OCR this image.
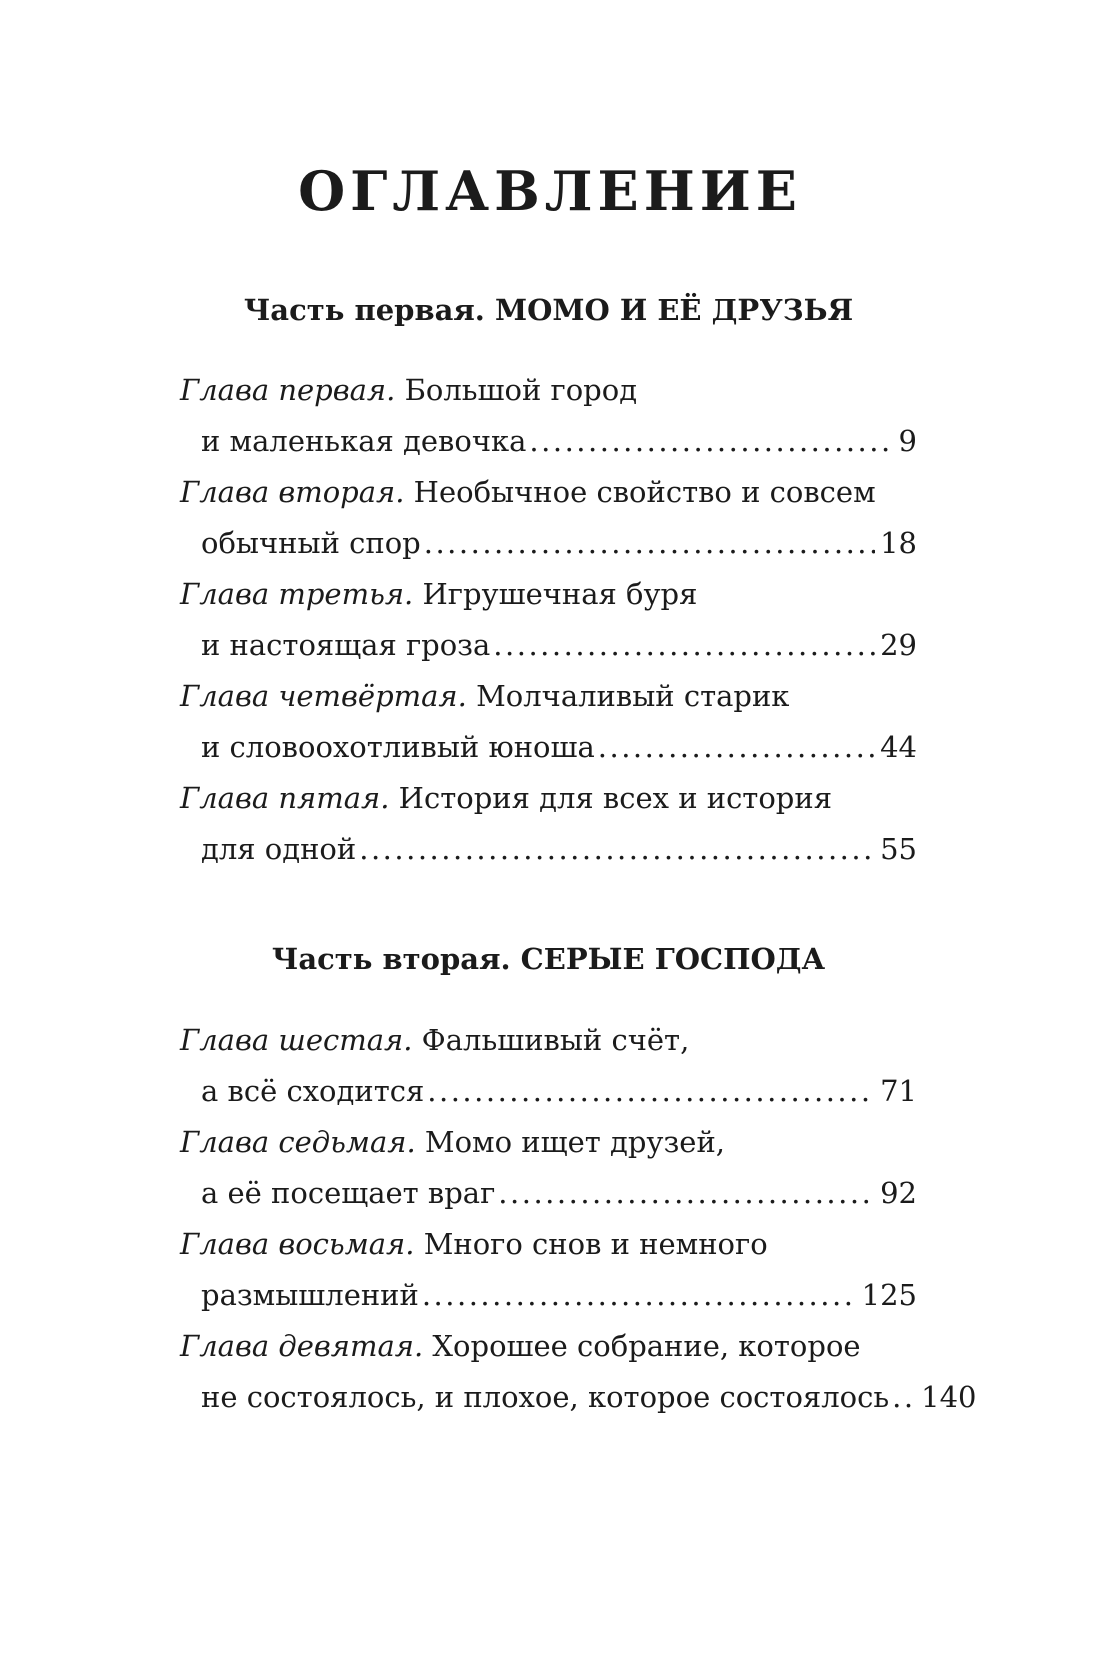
ОГЛАВЛЕНИЕ
Часть первая. МОМО И ЕЁ ДРУЗЬЯ
Глава первая. Большой город
и маленькая девочка .....	9
Глава вторая. Необычное свойство и совсем
обычный спор .....	18
Глава третья. Игрушечная буря
и настоящая гроза .....	29
Глава четвёртая. Молчаливый старик
и словоохотливый юноша .....	44
Глава пятая. История для всех и история
для одной .....	55
Часть вторая. СЕРЫЕ ГОСПОДА
Глава шестая. Фальшивый счёт,
а всё сходится .....	71
Глава седьмая. Момо ищет друзей,
а её посещает враг .....	92
Глава восьмая. Много снов и немного
размышлений .....	125
Глава девятая. Хорошее собрание, которое
не состоялось, и плохое, которое состоялось ..... 140
